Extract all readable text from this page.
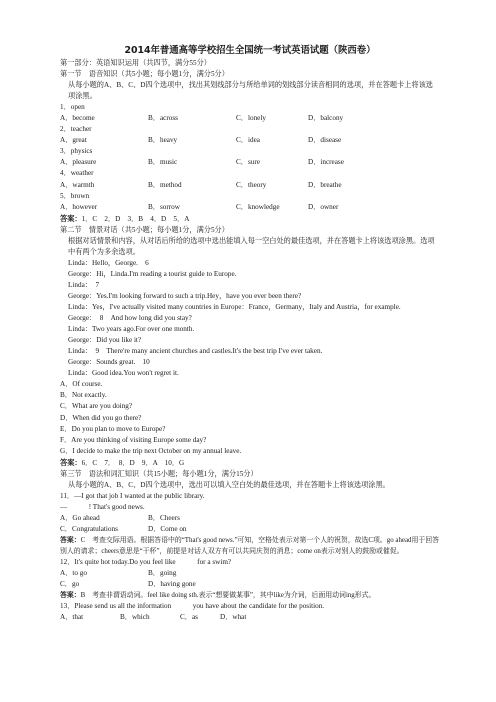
2014年普通高等学校招生全国统一考试英语试题（陕西卷）
第一部分：英语知识运用（共四节，满分55分）
第一节　语音知识（共5小题；每小题1分，满分5分）
从每小题的A、B、C、D四个选项中，找出其划线部分与所给单词的划线部分读音相同的选项，并在答题卡上将该选项涂黑。
1．open
A．become	B．across	C．lonely	D．balcony
2．teacher
A．great	B．heavy	C．idea	D．disease
3．physics
A．pleasure	B．music	C．sure	D．increase
4．weather
A．warmth	B．method	C．theory	D．breathe
5．brown
A．however	B．sorrow	C．knowledge	D．owner
答案：1．C　2．D　3．B　4．D　5．A
第二节　情景对话（共5小题；每小题1分，满分5分）
根据对话情景和内容，从对话后所给的选项中选出能填入每一空白处的最佳选项，并在答题卡上将该选项涂黑。选项中有两个为多余选项。
Linda：Hello，George.　6　
George：Hi，Linda.I'm reading a tourist guide to Europe.
Linda：　7　
George：Yes.I'm looking forward to such a trip.Hey，have you ever been there?
Linda：Yes，I've actually visited many countries in Europe：France，Germany，Italy and Austria，for example.
George：　8　And how long did you stay?
Linda：Two years ago.For over one month.
George：Did you like it?
Linda：　9　There're many ancient churches and castles.It's the best trip I've ever taken.
George：Sounds great.　10　
Linda：Good idea.You won't regret it.
A．Of course.
B．Not exactly.
C．What are you doing?
D．When did you go there?
E．Do you plan to move to Europe?
F．Are you thinking of visiting Europe some day?
G．I decide to make the trip next October on my annual leave.
答案：6．C　7．　8．D　9．A　10．G
第三节　语法和词汇知识（共15小题；每小题1分，满分15分）
从每小题的A、B、C、D四个选项中，选出可以填入空白处的最佳选项，并在答题卡上将该选项涂黑。
11．—I got that job I wanted at the public library.
—　　　! That's good news.
A．Go ahead	B．Cheers
C．Congratulations	D．Come on
答案：C　考查交际用语。根据答语中的“That's good news.”可知，空格处表示对第一个人的祝贺，故选C项。go ahead用于回答别人的请求；cheers意思是“干杯”，前提是对话人双方有可以共同庆贺的消息；come on表示对别人的鼓励或催促。
12．It's quite hot today.Do you feel like　　　for a swim?
A．to go	B．going
C．go	D．having gone
答案：B　考查非谓语动词。feel like doing sth.表示“想要做某事”，其中like为介词，后面用动词ing形式。
13．Please send us all the information　　　you have about the candidate for the position.
A．that	B．which	C．as	D．what
